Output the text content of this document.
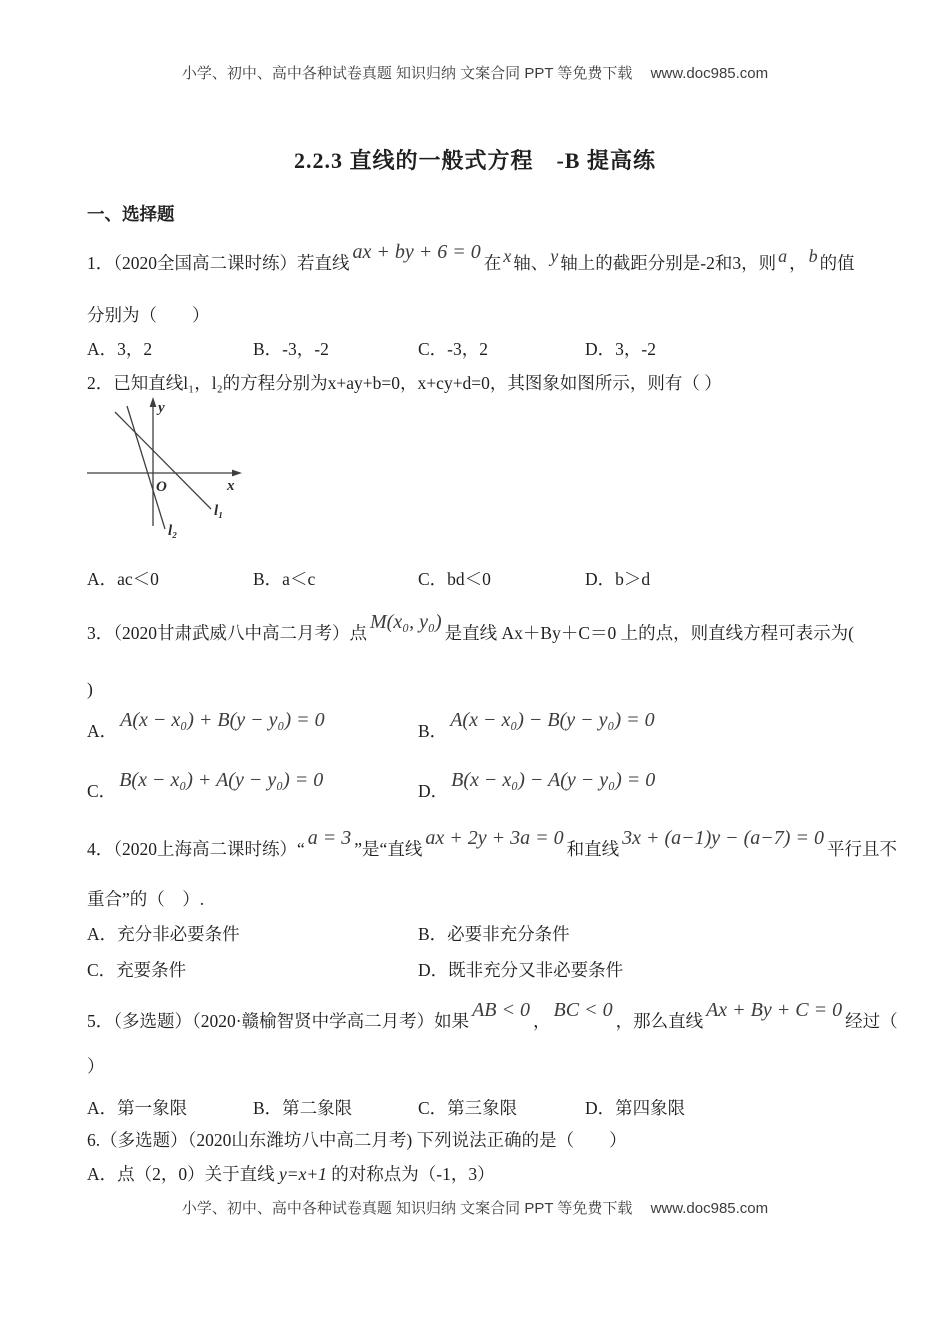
小学、初中、高中各种试卷真题 知识归纳 文案合同 PPT 等免费下载 www.doc985.com
2.2.3 直线的一般式方程　-B 提高练
一、选择题
1．（2020全国高二课时练）若直线 ax + by + 6 = 0 在 x 轴、 y 轴上的截距分别是-2和3，则 a ， b 的值
分别为（　　）
A．3，2	B．-3，-2	C．-3，2	D．3，-2
2．已知直线l₁，l₂的方程分别为x+ay+b=0，x+cy+d=0，其图象如图所示，则有（ ）
y
x
O
l₁
l₂
A．ac＜0	B．a＜c	C．bd＜0	D．b＞d
3．（2020甘肃武威八中高二月考）点 M(x₀, y₀) 是直线 Ax＋By＋C＝0 上的点，则直线方程可表示为(
)
A． A(x − x₀) + B(y − y₀) = 0	B． A(x − x₀) − B(y − y₀) = 0
C． B(x − x₀) + A(y − y₀) = 0	D． B(x − x₀) − A(y − y₀) = 0
4．（2020上海高二课时练）“ a = 3 ”是“直线 ax + 2y + 3a = 0 和直线 3x + (a−1)y − (a−7) = 0 平行且不
重合”的（　）.
A．充分非必要条件	B．必要非充分条件
C．充要条件	D．既非充分又非必要条件
5．（多选题）（2020·赣榆智贤中学高二月考）如果 AB < 0 ， BC < 0 ，那么直线 Ax + By + C = 0 经过（
）
A．第一象限	B．第二象限	C．第三象限	D．第四象限
6.（多选题）（2020山东潍坊八中高二月考) 下列说法正确的是（　　）
A．点（2，0）关于直线 y=x+1 的对称点为（-1，3）
小学、初中、高中各种试卷真题 知识归纳 文案合同 PPT 等免费下载 www.doc985.com
